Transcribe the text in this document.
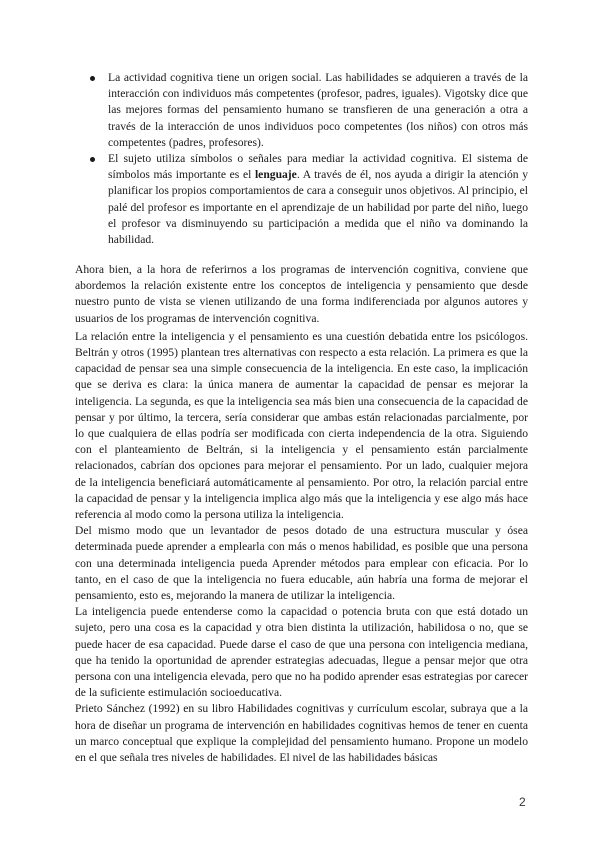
La actividad cognitiva tiene un origen social. Las habilidades se adquieren a través de la interacción con individuos más competentes (profesor, padres, iguales). Vigotsky dice que las mejores formas del pensamiento humano se transfieren de una generación a otra a través de la interacción de unos individuos poco competentes (los niños) con otros más competentes (padres, profesores).

El sujeto utiliza símbolos o señales para mediar la actividad cognitiva. El sistema de símbolos más importante es el lenguaje. A través de él, nos ayuda a dirigir la atención y planificar los propios comportamientos de cara a conseguir unos objetivos. Al principio, el palé del profesor es importante en el aprendizaje de un habilidad por parte del niño, luego el profesor va disminuyendo su participación a medida que el niño va dominando la habilidad.

Ahora bien, a la hora de referirnos a los programas de intervención cognitiva, conviene que abordemos la relación existente entre los conceptos de inteligencia y pensamiento que desde nuestro punto de vista se vienen utilizando de una forma indiferenciada por algunos autores y usuarios de los programas de intervención cognitiva.

La relación entre la inteligencia y el pensamiento es una cuestión debatida entre los psicólogos. Beltrán y otros (1995) plantean tres alternativas con respecto a esta relación. La primera es que la capacidad de pensar sea una simple consecuencia de la inteligencia. En este caso, la implicación que se deriva es clara: la única manera de aumentar la capacidad de pensar es mejorar la inteligencia. La segunda, es que la inteligencia sea más bien una consecuencia de la capacidad de pensar y por último, la tercera, sería considerar que ambas están relacionadas parcialmente, por lo que cualquiera de ellas podría ser modificada con cierta independencia de la otra. Siguiendo con el planteamiento de Beltrán, si la inteligencia y el pensamiento están parcialmente relacionados, cabrían dos opciones para mejorar el pensamiento. Por un lado, cualquier mejora de la inteligencia beneficiará automáticamente al pensamiento. Por otro, la relación parcial entre la capacidad de pensar y la inteligencia implica algo más que la inteligencia y ese algo más hace referencia al modo como la persona utiliza la inteligencia.

Del mismo modo que un levantador de pesos dotado de una estructura muscular y ósea determinada puede aprender a emplearla con más o menos habilidad, es posible que una persona con una determinada inteligencia pueda Aprender métodos para emplear con eficacia. Por lo tanto, en el caso de que la inteligencia no fuera educable, aún habría una forma de mejorar el pensamiento, esto es, mejorando la manera de utilizar la inteligencia.

La inteligencia puede entenderse como la capacidad o potencia bruta con que está dotado un sujeto, pero una cosa es la capacidad y otra bien distinta la utilización, habilidosa o no, que se puede hacer de esa capacidad. Puede darse el caso de que una persona con inteligencia mediana, que ha tenido la oportunidad de aprender estrategias adecuadas, llegue a pensar mejor que otra persona con una inteligencia elevada, pero que no ha podido aprender esas estrategias por carecer de la suficiente estimulación socioeducativa.

Prieto Sánchez (1992) en su libro Habilidades cognitivas y currículum escolar, subraya que a la hora de diseñar un programa de intervención en habilidades cognitivas hemos de tener en cuenta un marco conceptual que explique la complejidad del pensamiento humano. Propone un modelo en el que señala tres niveles de habilidades. El nivel de las habilidades básicas

2
